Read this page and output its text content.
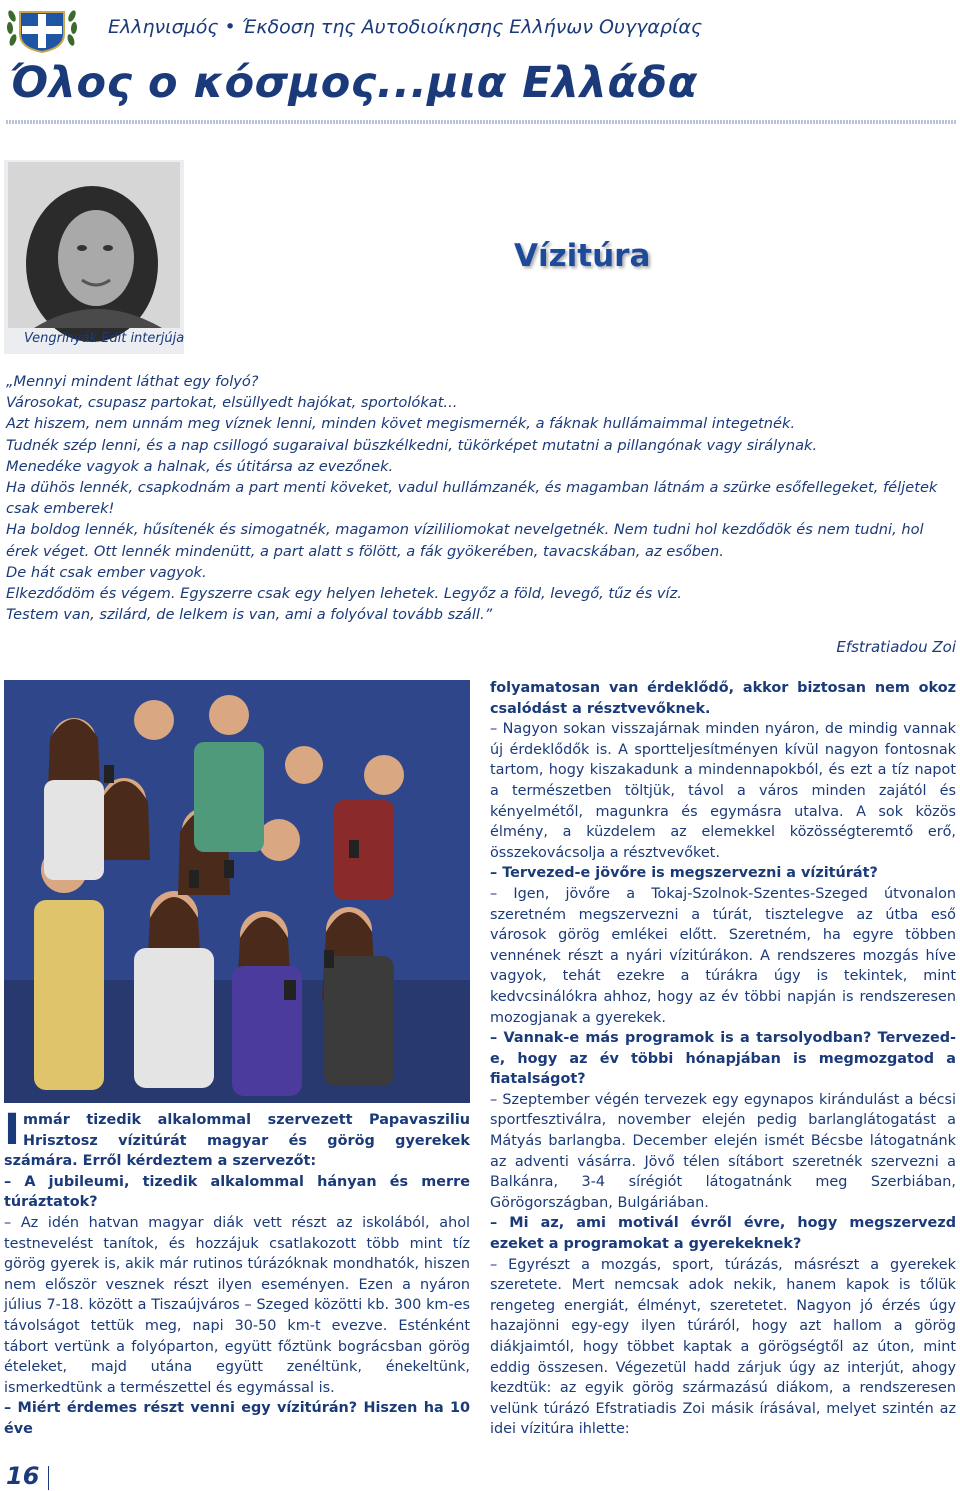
Ελληνισμός • Έκδοση της Αυτοδιοίκησης Ελλήνων Ουγγαρίας
Όλος ο κόσμος...μια Ελλάδα
Vengrinyák Edit interjúja
Vízitúra

„Mennyi mindent láthat egy folyó?

Városokat, csupasz partokat, elsüllyedt hajókat, sportolókat...

Azt hiszem, nem unnám meg víznek lenni, minden követ megismernék, a fáknak hullámaimmal integetnék.

Tudnék szép lenni, és a nap csillogó sugaraival büszkélkedni, tükörképet mutatni a pillangónak vagy sirálynak.

Menedéke vagyok a halnak, és útitársa az evezőnek.

Ha dühös lennék, csapkodnám a part menti köveket, vadul hullámzanék, és magamban látnám a szürke esőfellegeket, féljetek csak emberek!

Ha boldog lennék, hűsítenék és simogatnék, magamon vízililiomokat nevelgetnék. Nem tudni hol kezdődök és nem tudni, hol érek véget. Ott lennék mindenütt, a part alatt s fölött, a fák gyökerében, tavacskában, az esőben.

De hát csak ember vagyok.

Elkezdődöm és végem. Egyszerre csak egy helyen lehetek. Legyőz a föld, levegő, tűz és víz.

Testem van, szilárd, de lelkem is van, ami a folyóval tovább száll.”

Efstratiadou Zoi
I mmár tizedik alkalommal szervezett Papavasziliu Hrisztosz vízitúrát magyar és görög gyerekek számára. Erről kérdeztem a szervezőt:

– A jubileumi, tizedik alkalommal hányan és merre túráztatok?

– Az idén hatvan magyar diák vett részt az iskolából, ahol testnevelést tanítok, és hozzájuk csatlakozott több mint tíz görög gyerek is, akik már rutinos túrázóknak mondhatók, hiszen nem először vesznek részt ilyen eseményen. Ezen a nyáron július 7-18. között a Tiszaújváros – Szeged közötti kb. 300 km-es távolságot tettük meg, napi 30-50 km-t evezve. Esténként tábort vertünk a folyóparton, együtt főztünk bográcsban görög ételeket, majd utána együtt zenéltünk, énekeltünk, ismerkedtünk a természettel és egymással is.

– Miért érdemes részt venni egy vízitúrán? Hiszen ha 10 éve

folyamatosan van érdeklődő, akkor biztosan nem okoz csalódást a résztvevőknek.

– Nagyon sokan visszajárnak minden nyáron, de mindig vannak új érdeklődők is. A sportteljesítményen kívül nagyon fontosnak tartom, hogy kiszakadunk a mindennapokból, és ezt a tíz napot a természetben töltjük, távol a város minden zajától és kényelmétől, magunkra és egymásra utalva. A sok közös élmény, a küzdelem az elemekkel közösségteremtő erő, összekovácsolja a résztvevőket.

– Tervezed-e jövőre is megszervezni a vízitúrát?

– Igen, jövőre a Tokaj-Szolnok-Szentes-Szeged útvonalon szeretném megszervezni a túrát, tisztelegve az útba eső városok görög emlékei előtt. Szeretném, ha egyre többen vennének részt a nyári vízitúrákon. A rendszeres mozgás híve vagyok, tehát ezekre a túrákra úgy is tekintek, mint kedvcsinálókra ahhoz, hogy az év többi napján is rendszeresen mozogjanak a gyerekek.

– Vannak-e más programok is a tarsolyodban? Tervezed-e, hogy az év többi hónapjában is megmozgatod a fiatalságot?

– Szeptember végén tervezek egy egynapos kirándulást a bécsi sportfesztiválra, november elején pedig barlanglátogatást a Mátyás barlangba. December elején ismét Bécsbe látogatnánk az adventi vásárra. Jövő télen sítábort szeretnék szervezni a Balkánra, 3-4 sírégiót látogatnánk meg Szerbiában, Görögországban, Bulgáriában.

– Mi az, ami motivál évről évre, hogy megszervezd ezeket a programokat a gyerekeknek?

– Egyrészt a mozgás, sport, túrázás, másrészt a gyerekek szeretete. Mert nemcsak adok nekik, hanem kapok is tőlük rengeteg energiát, élményt, szeretetet. Nagyon jó érzés úgy hazajönni egy-egy ilyen túráról, hogy azt hallom a görög diákjaimtól, hogy többet kaptak a görögségtől az úton, mint eddig összesen. Végezetül hadd zárjuk úgy az interjút, ahogy kezdtük: az egyik görög származású diákom, a rendszeresen velünk túrázó Efstratiadis Zoi másik írásával, melyet szintén az idei vízitúra ihlette:

16
